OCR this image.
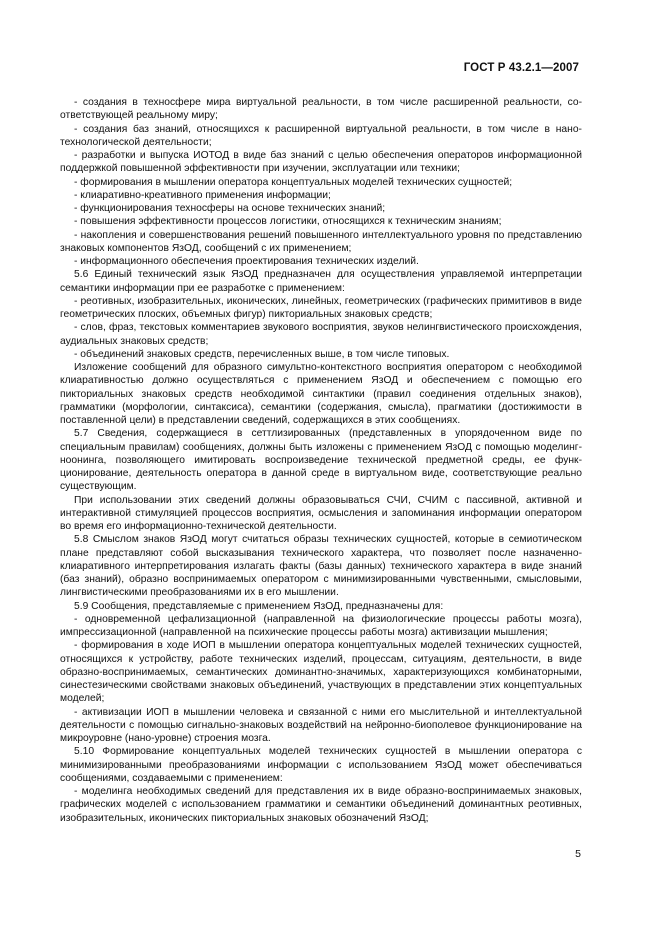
ГОСТ Р 43.2.1—2007

- создания в техносфере мира виртуальной реальности, в том числе расширенной реальности, соответствующей реальному миру;

- создания баз знаний, относящихся к расширенной виртуальной реальности, в том числе в нано-технологической деятельности;

- разработки и выпуска ИОТОД в виде баз знаний с целью обеспечения операторов информационной поддержкой повышенной эффективности при изучении, эксплуатации или техники;

- формирования в мышлении оператора концептуальных моделей технических сущностей;

- клиаративно-креативного применения информации;

- функционирования техносферы на основе технических знаний;

- повышения эффективности процессов логистики, относящихся к техническим знаниям;

- накопления и совершенствования решений повышенного интеллектуального уровня по представлению знаковых компонентов ЯзОД, сообщений с их применением;

- информационного обеспечения проектирования технических изделий.

5.6 Единый технический язык ЯзОД предназначен для осуществления управляемой интерпретации семантики информации при ее разработке с применением:

- реотивных, изобразительных, иконических, линейных, геометрических (графических примитивов в виде геометрических плоских, объемных фигур) пикториальных знаковых средств;

- слов, фраз, текстовых комментариев звукового восприятия, звуков нелингвистического происхождения, аудиальных знаковых средств;

- объединений знаковых средств, перечисленных выше, в том числе типовых.

Изложение сообщений для образного симультно-контекстного восприятия оператором с необходимой клиаративностью должно осуществляться с применением ЯзОД и обеспечением с помощью его пикториальных знаковых средств необходимой синтактики (правил соединения отдельных знаков), грамматики (морфологии, синтаксиса), семантики (содержания, смысла), прагматики (достижимости в поставленной цели) в представлении сведений, содержащихся в этих сообщениях.

5.7 Сведения, содержащиеся в сеттлизированных (представленных в упорядоченном виде по специальным правилам) сообщениях, должны быть изложены с применением ЯзОД с помощью моделинг-ноонинга, позволяющего имитировать воспроизведение технической предметной среды, ее функционирование, деятельность оператора в данной среде в виртуальном виде, соответствующие реально существующим.

При использовании этих сведений должны образовываться СЧИ, СЧИМ с пассивной, активной и интерактивной стимуляцией процессов восприятия, осмысления и запоминания информации оператором во время его информационно-технической деятельности.

5.8 Смыслом знаков ЯзОД могут считаться образы технических сущностей, которые в семиотическом плане представляют собой высказывания технического характера, что позволяет после назначенно-клиаративного интерпретирования излагать факты (базы данных) технического характера в виде знаний (баз знаний), образно воспринимаемых оператором с минимизированными чувственными, смысловыми, лингвистическими преобразованиями их в его мышлении.

5.9 Сообщения, представляемые с применением ЯзОД, предназначены для:

- одновременной цефализационной (направленной на физиологические процессы работы мозга), импрессизационной (направленной на психические процессы работы мозга) активизации мышления;

- формирования в ходе ИОП в мышлении оператора концептуальных моделей технических сущностей, относящихся к устройству, работе технических изделий, процессам, ситуациям, деятельности, в виде образно-воспринимаемых, семантических доминантно-значимых, характеризующихся комбинаторными, синестезическими свойствами знаковых объединений, участвующих в представлении этих концептуальных моделей;

- активизации ИОП в мышлении человека и связанной с ними его мыслительной и интеллектуальной деятельности с помощью сигнально-знаковых воздействий на нейронно-биополевое функционирование на микроуровне (нано-уровне) строения мозга.

5.10 Формирование концептуальных моделей технических сущностей в мышлении оператора с минимизированными преобразованиями информации с использованием ЯзОД может обеспечиваться сообщениями, создаваемыми с применением:

- моделинга необходимых сведений для представления их в виде образно-воспринимаемых знаковых, графических моделей с использованием грамматики и семантики объединений доминантных реотивных, изобразительных, иконических пикториальных знаковых обозначений ЯзОД;

5
